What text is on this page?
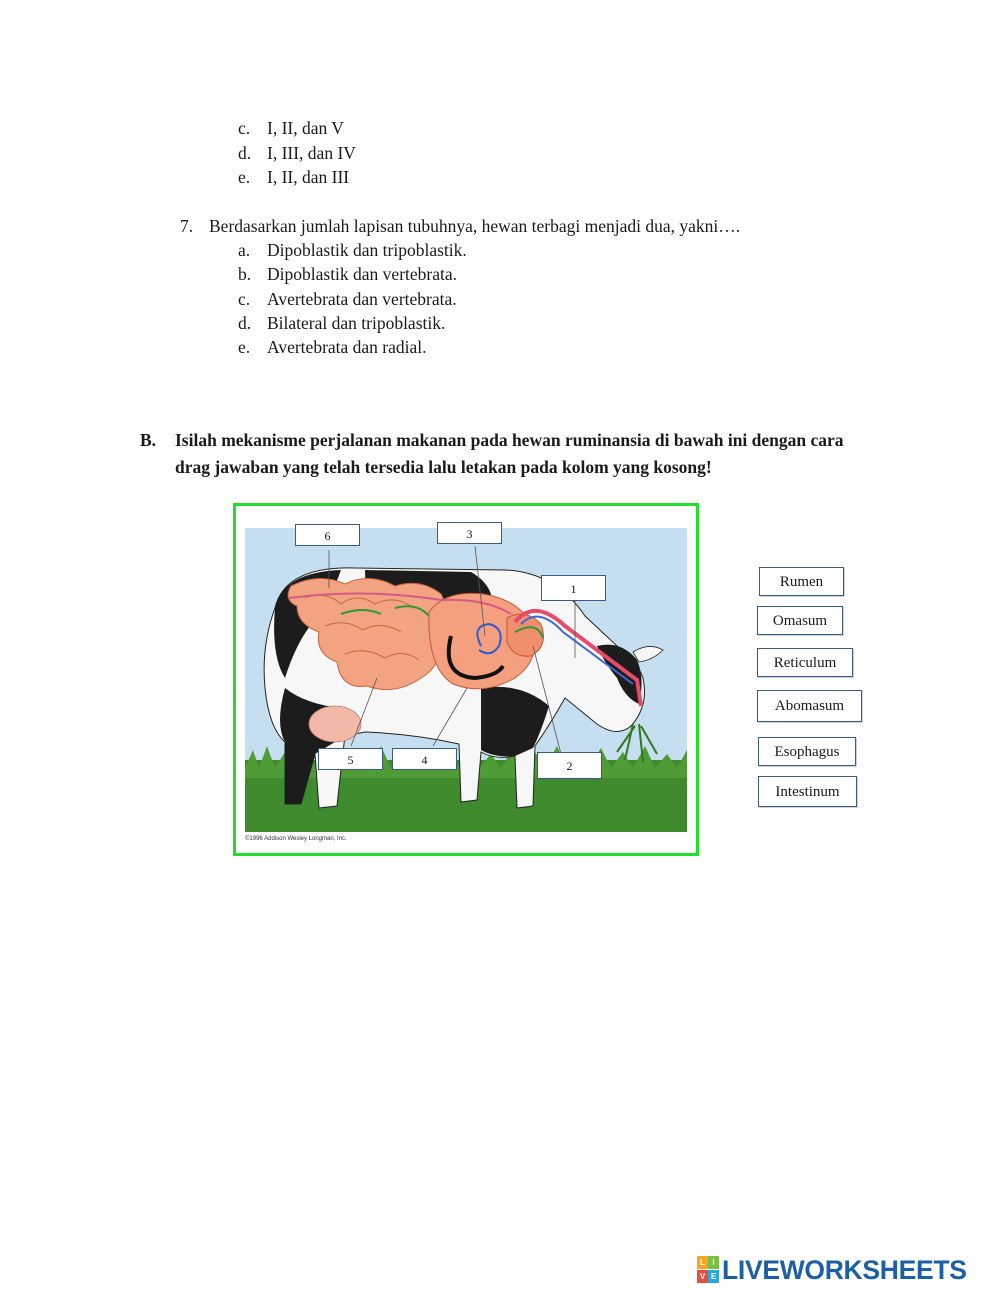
c. I, II, dan V
d. I, III, dan IV
e. I, II, dan III
7. Berdasarkan jumlah lapisan tubuhnya, hewan terbagi menjadi dua, yakni….
a. Dipoblastik dan tripoblastik.
b. Dipoblastik dan vertebrata.
c. Avertebrata dan vertebrata.
d. Bilateral dan tripoblastik.
e. Avertebrata dan radial.
B. Isilah mekanisme perjalanan makanan pada hewan ruminansia di bawah ini dengan cara
drag jawaban yang telah tersedia lalu letakan pada kolom yang kosong!
©1996 Addison Wesley Longman, Inc.
6	3
1
5	4	2
Rumen
Omasum
Reticulum
Abomasum
Esophagus
Intestinum
L I
V E LIVEWORKSHEETS
